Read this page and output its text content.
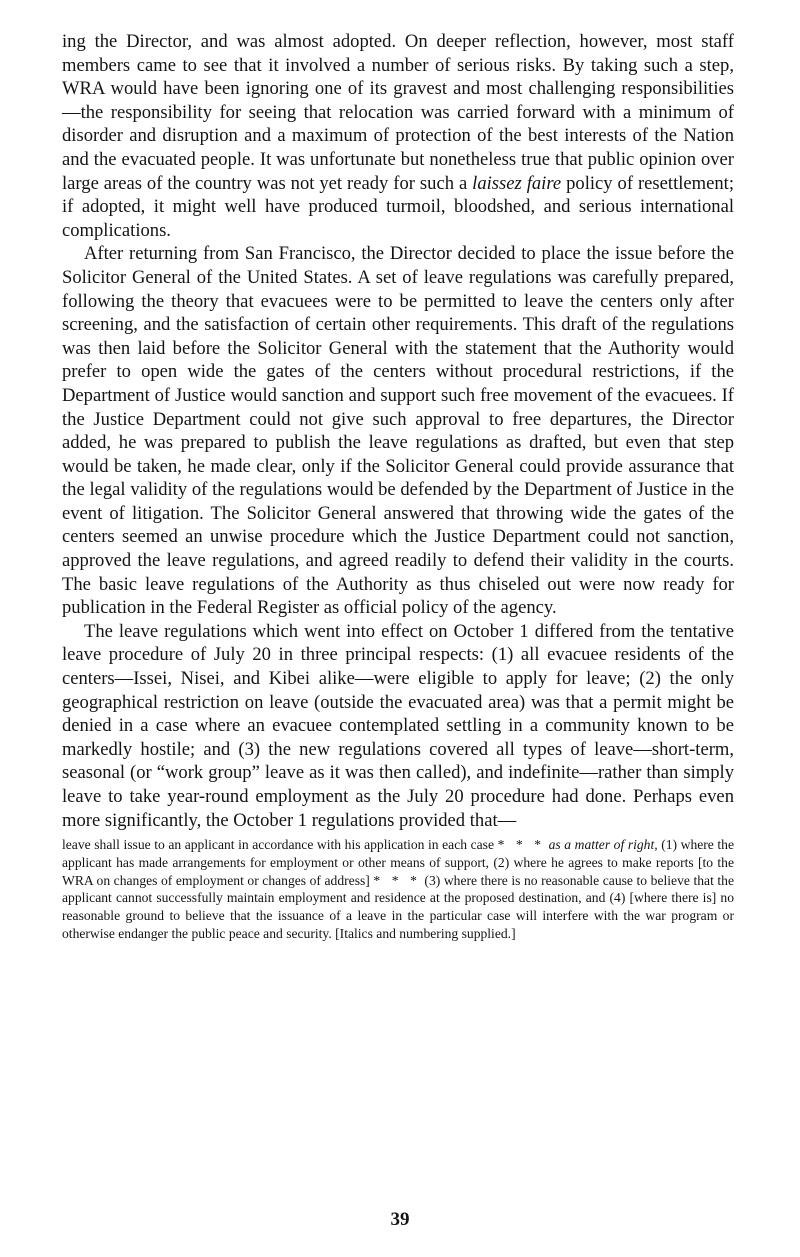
ing the Director, and was almost adopted. On deeper reflection, however, most staff members came to see that it involved a number of serious risks. By taking such a step, WRA would have been ignoring one of its gravest and most challenging responsibilities—the responsibility for seeing that relocation was carried forward with a minimum of disorder and disruption and a maximum of protection of the best interests of the Nation and the evacuated people. It was unfortunate but nonetheless true that public opinion over large areas of the country was not yet ready for such a laissez faire policy of resettlement; if adopted, it might well have produced turmoil, bloodshed, and serious international complications.

After returning from San Francisco, the Director decided to place the issue before the Solicitor General of the United States. A set of leave regulations was carefully prepared, following the theory that evacuees were to be permitted to leave the centers only after screening, and the satisfaction of certain other requirements. This draft of the regulations was then laid before the Solicitor General with the statement that the Authority would prefer to open wide the gates of the centers without procedural restrictions, if the Department of Justice would sanction and support such free movement of the evacuees. If the Justice Department could not give such approval to free departures, the Director added, he was prepared to publish the leave regulations as drafted, but even that step would be taken, he made clear, only if the Solicitor General could provide assurance that the legal validity of the regulations would be defended by the Department of Justice in the event of litigation. The Solicitor General answered that throwing wide the gates of the centers seemed an unwise procedure which the Justice Department could not sanction, approved the leave regulations, and agreed readily to defend their validity in the courts. The basic leave regulations of the Authority as thus chiseled out were now ready for publication in the Federal Register as official policy of the agency.

The leave regulations which went into effect on October 1 differed from the tentative leave procedure of July 20 in three principal respects: (1) all evacuee residents of the centers—Issei, Nisei, and Kibei alike—were eligible to apply for leave; (2) the only geographical restriction on leave (outside the evacuated area) was that a permit might be denied in a case where an evacuee contemplated settling in a community known to be markedly hostile; and (3) the new regulations covered all types of leave—short-term, seasonal (or “work group” leave as it was then called), and indefinite—rather than simply leave to take year-round employment as the July 20 procedure had done. Perhaps even more significantly, the October 1 regulations provided that—

leave shall issue to an applicant in accordance with his application in each case * * * as a matter of right, (1) where the applicant has made arrangements for employment or other means of support, (2) where he agrees to make reports [to the WRA on changes of employment or changes of address] * * * (3) where there is no reasonable cause to believe that the applicant cannot successfully maintain employment and residence at the proposed destination, and (4) [where there is] no reasonable ground to believe that the issuance of a leave in the particular case will interfere with the war program or otherwise endanger the public peace and security. [Italics and numbering supplied.]

39
